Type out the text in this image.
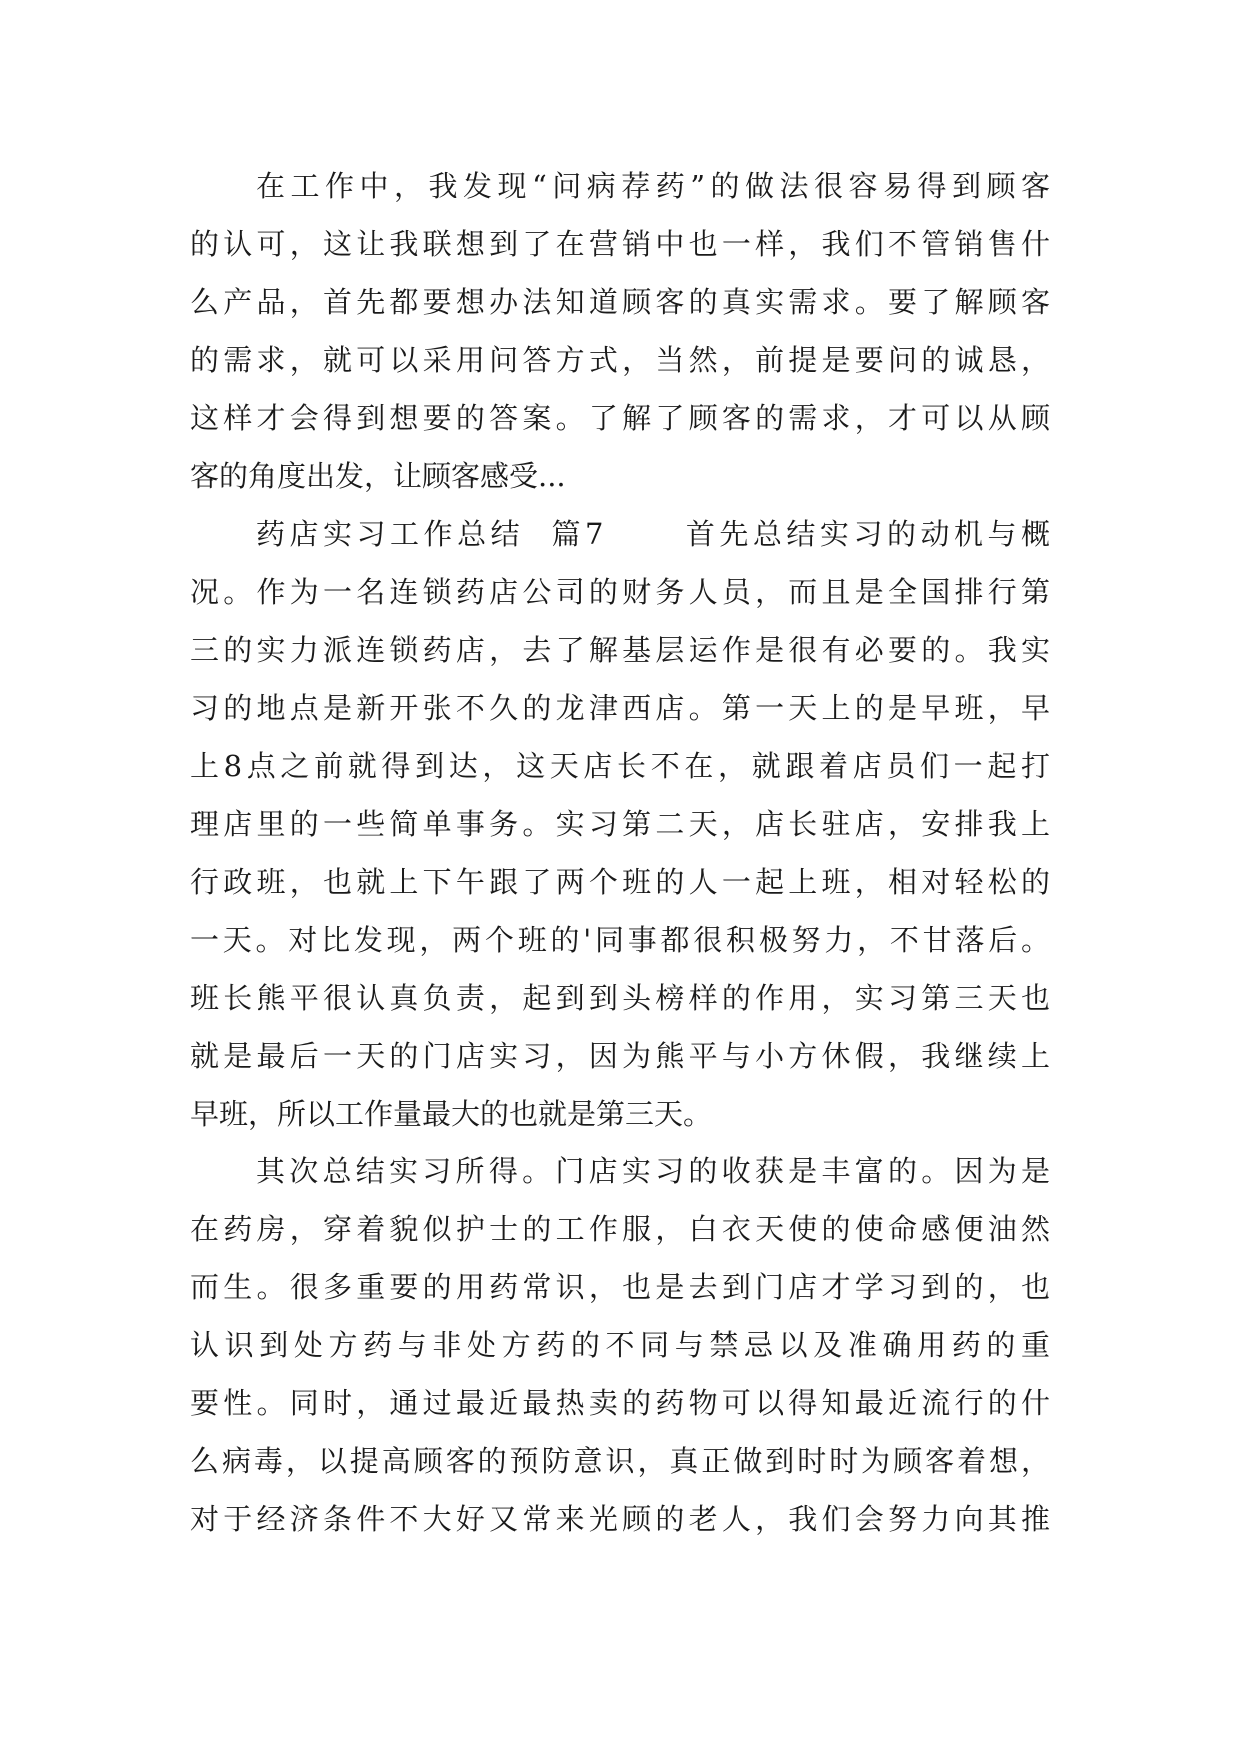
在工作中，我发现“问病荐药”的做法很容易得到顾客
的认可，这让我联想到了在营销中也一样，我们不管销售什
么产品，首先都要想办法知道顾客的真实需求。要了解顾客
的需求，就可以采用问答方式，当然，前提是要问的诚恳，
这样才会得到想要的答案。了解了顾客的需求，才可以从顾
客的角度出发，让顾客感受...
药店实习工作总结  篇7      首先总结实习的动机与概
况。作为一名连锁药店公司的财务人员，而且是全国排行第
三的实力派连锁药店，去了解基层运作是很有必要的。我实
习的地点是新开张不久的龙津西店。第一天上的是早班，早
上8点之前就得到达，这天店长不在，就跟着店员们一起打
理店里的一些简单事务。实习第二天，店长驻店，安排我上
行政班，也就上下午跟了两个班的人一起上班，相对轻松的
一天。对比发现，两个班的'同事都很积极努力，不甘落后。
班长熊平很认真负责，起到到头榜样的作用，实习第三天也
就是最后一天的门店实习，因为熊平与小方休假，我继续上
早班，所以工作量最大的也就是第三天。
其次总结实习所得。门店实习的收获是丰富的。因为是
在药房，穿着貌似护士的工作服，白衣天使的使命感便油然
而生。很多重要的用药常识，也是去到门店才学习到的，也
认识到处方药与非处方药的不同与禁忌以及准确用药的重
要性。同时，通过最近最热卖的药物可以得知最近流行的什
么病毒，以提高顾客的预防意识，真正做到时时为顾客着想，
对于经济条件不大好又常来光顾的老人，我们会努力向其推
